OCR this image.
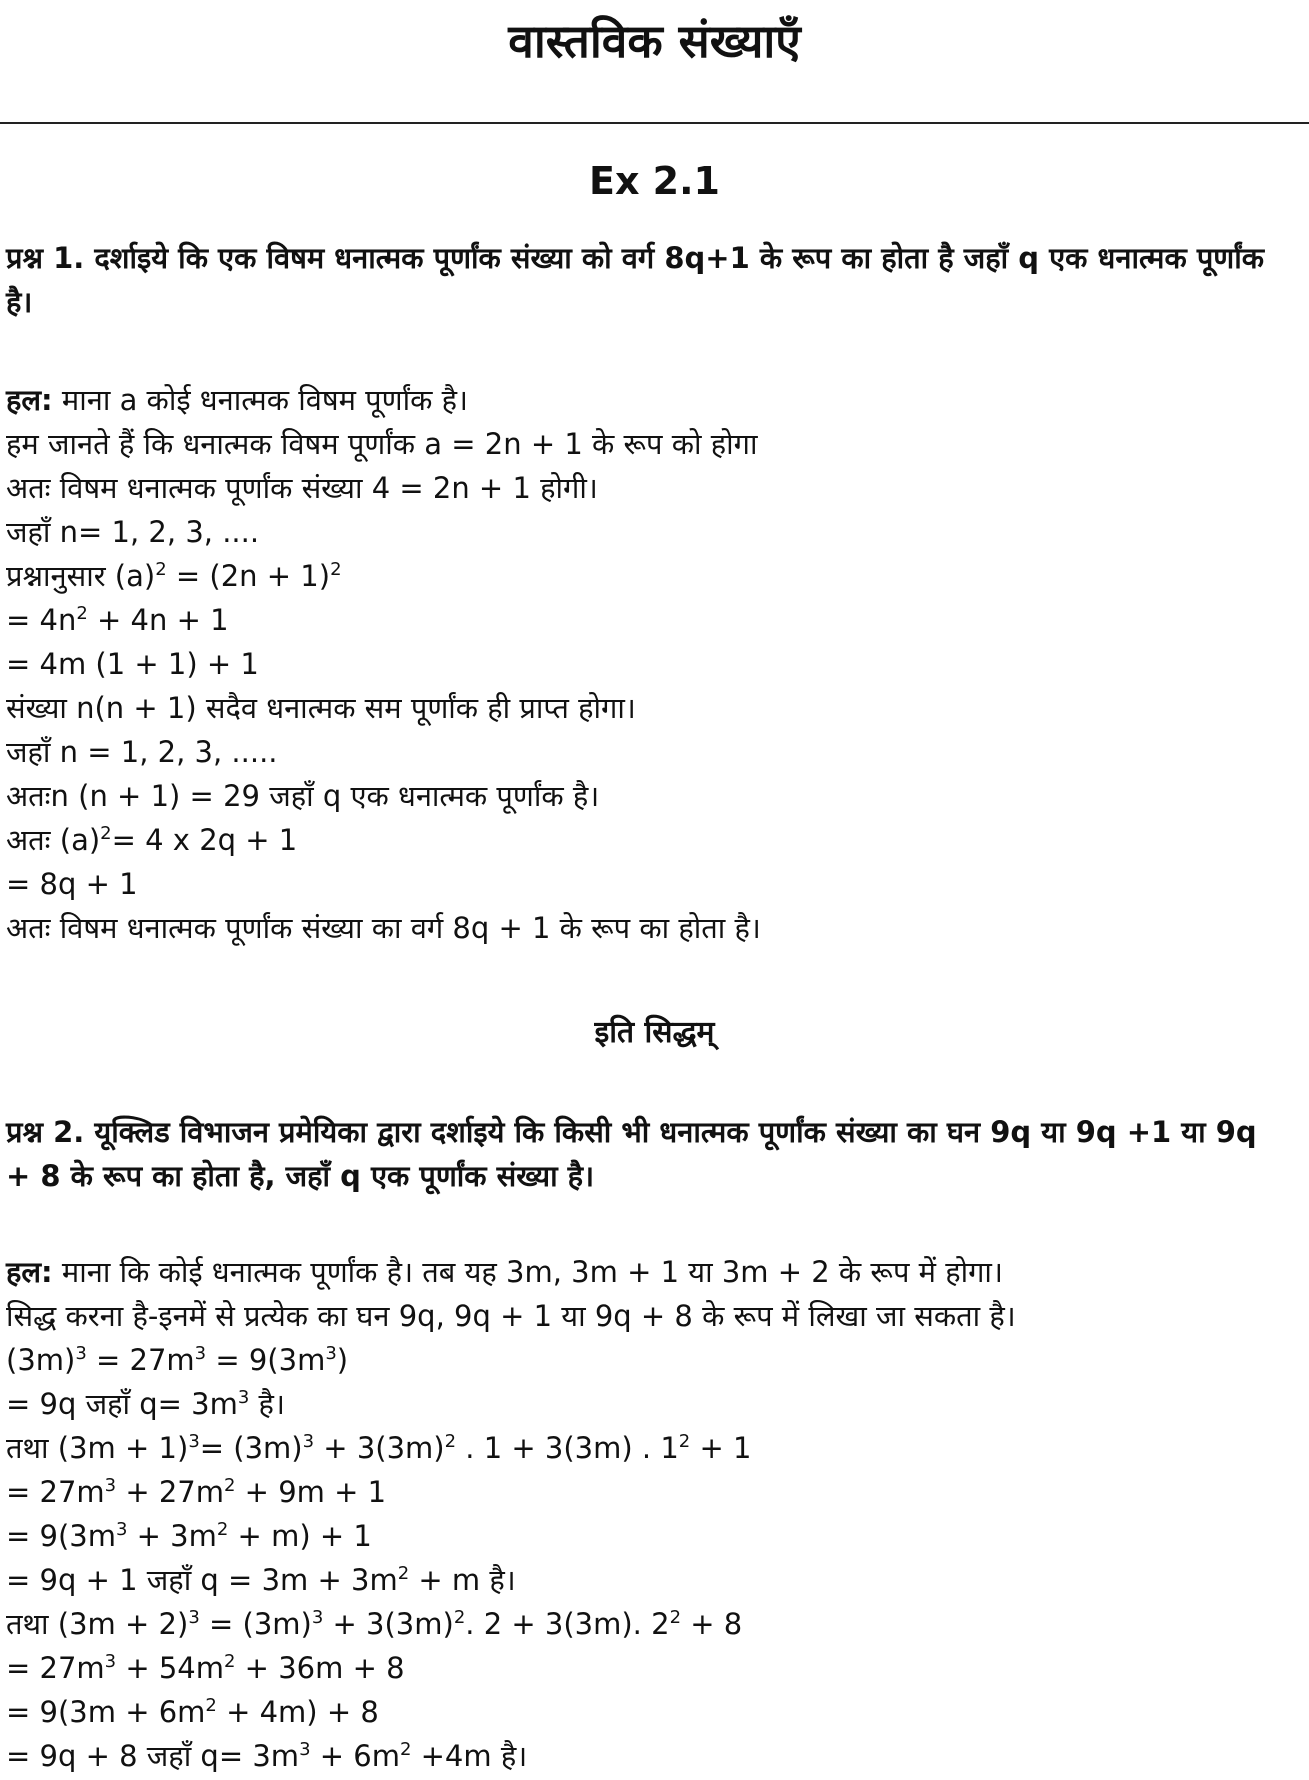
वास्तविक संख्याएँ
Ex 2.1

प्रश्न 1. दर्शाइये कि एक विषम धनात्मक पूर्णांक संख्या को वर्ग 8q+1 के रूप का होता है जहाँ q एक धनात्मक पूर्णांक है।

हल: माना a कोई धनात्मक विषम पूर्णांक है।
हम जानते हैं कि धनात्मक विषम पूर्णांक a = 2n + 1 के रूप को होगा
अतः विषम धनात्मक पूर्णांक संख्या 4 = 2n + 1 होगी।
जहाँ n= 1, 2, 3, ....
प्रश्नानुसार $(a)^2 = (2n + 1)^2$
= $4n^2 + 4n + 1$
= 4m (1 + 1) + 1
संख्या n(n + 1) सदैव धनात्मक सम पूर्णांक ही प्राप्त होगा।
जहाँ n = 1, 2, 3, .....
अतःn (n + 1) = 29 जहाँ q एक धनात्मक पूर्णांक है।
अतः $(a)^2= 4$ x 2q + 1
= 8q + 1
अतः विषम धनात्मक पूर्णांक संख्या का वर्ग 8q + 1 के रूप का होता है।

इति सिद्धम्

प्रश्न 2. यूक्लिड विभाजन प्रमेयिका द्वारा दर्शाइये कि किसी भी धनात्मक पूर्णांक संख्या का घन 9q या 9q +1 या 9q + 8 के रूप का होता है, जहाँ q एक पूर्णांक संख्या है।

हल: माना कि कोई धनात्मक पूर्णांक है। तब यह 3m, 3m + 1 या 3m + 2 के रूप में होगा।
सिद्ध करना है-इनमें से प्रत्येक का घन 9q, 9q + 1 या 9q + 8 के रूप में लिखा जा सकता है।
$(3m)^3 = 27m^3 = 9(3m^3)$
= 9q जहाँ $q= 3m^3$ है।
तथा $(3m + 1)^3= (3m)^3 + 3(3m)^2$ . 1 + 3(3m) . $1^2 + 1$
= $27m^3 + 27m^2 + 9m + 1$
= $9(3m^3 + 3m^2 + m) + 1$
= 9q + 1 जहाँ $q = 3m + 3m^2 + m$ है।
तथा $(3m + 2)^3 = (3m)^3 + 3(3m)^2$. 2 + 3(3m). $2^2 + 8$
= $27m^3 + 54m^2 + 36m + 8$
= $9(3m + 6m^2 + 4m) + 8$
= 9q + 8 जहाँ $q= 3m^3 + 6m^2 +4m$ है।
